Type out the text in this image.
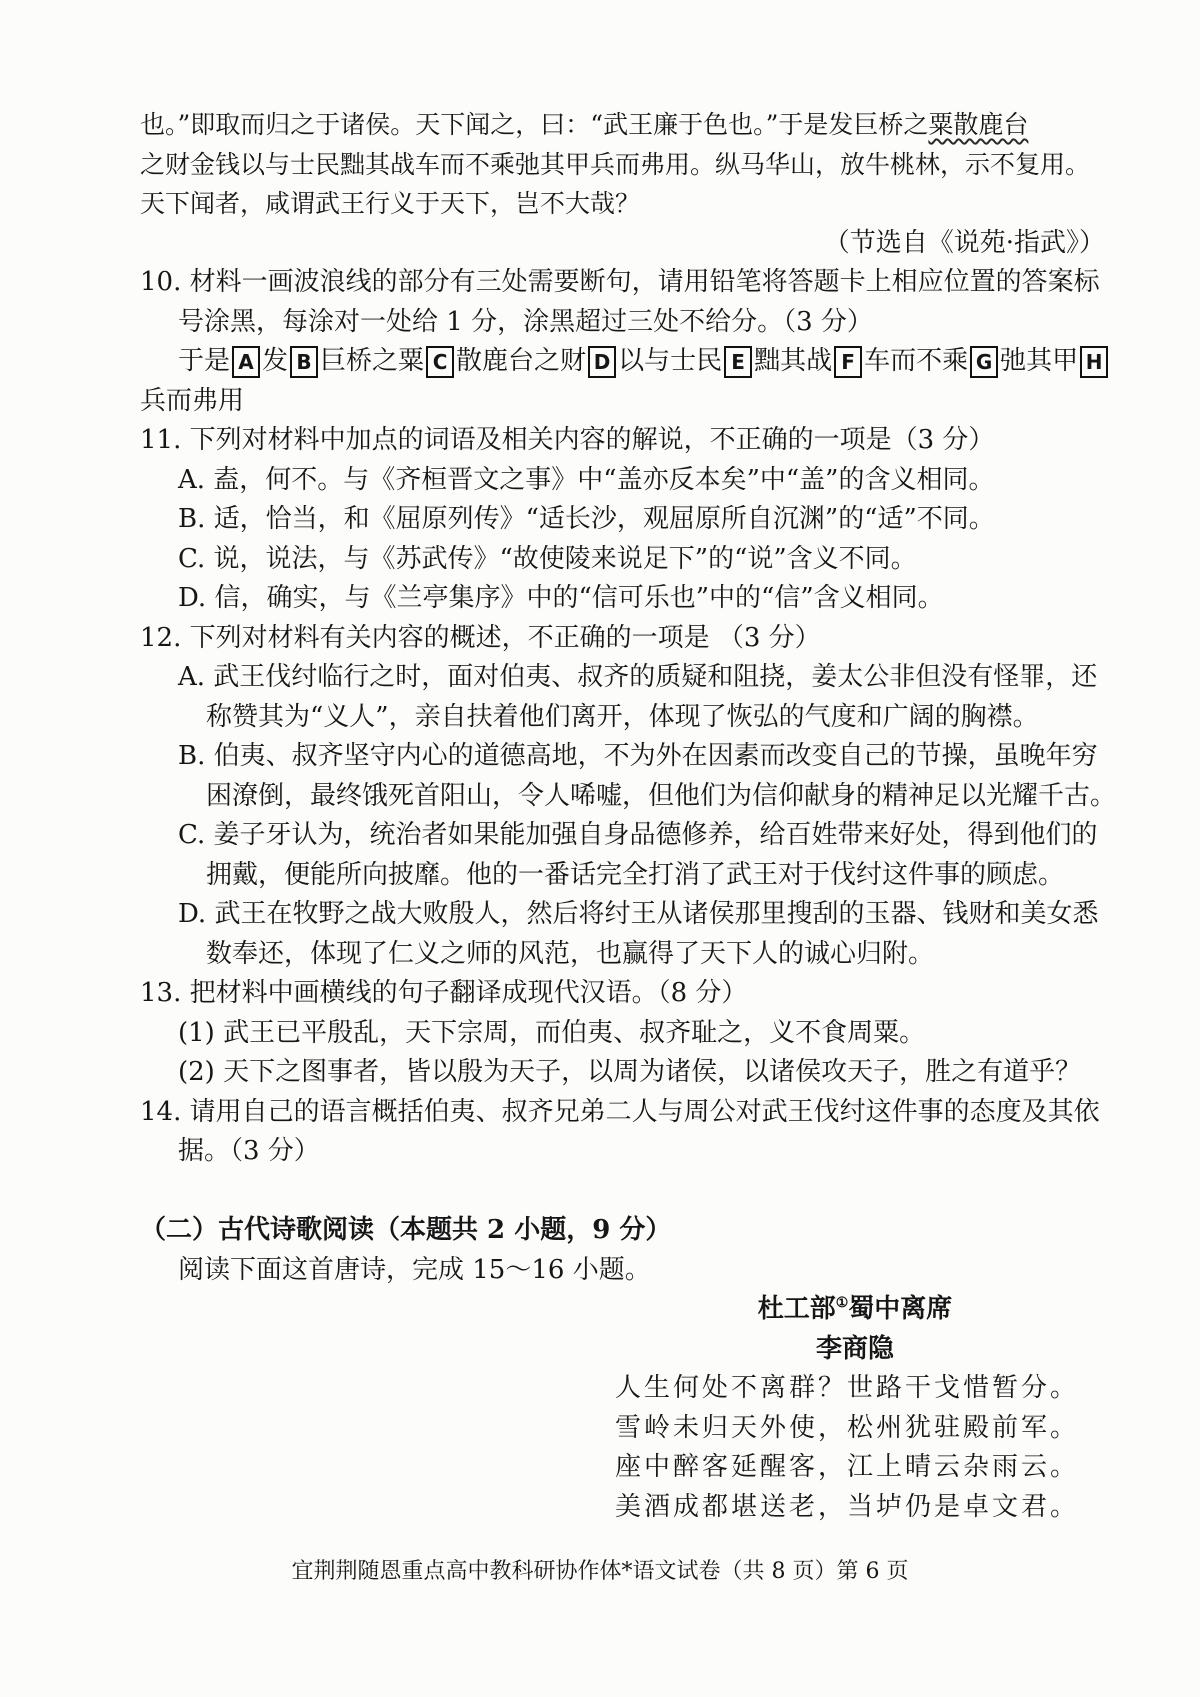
也。”即取而归之于诸侯。天下闻之，曰：“武王廉于色也。”于是发巨桥之粟散鹿台
之财金钱以与士民黜其战车而不乘弛其甲兵而弗用。纵马华山，放牛桃林，示不复用。
天下闻者，咸谓武王行义于天下，岂不大哉？
（节选自《说苑·指武》）
10. 材料一画波浪线的部分有三处需要断句，请用铅笔将答题卡上相应位置的答案标
号涂黑，每涂对一处给 1 分，涂黑超过三处不给分。（3 分）
于是 A 发 B 巨桥之粟 C 散鹿台之财 D 以与士民 E 黜其战 F 车而不乘 G 弛其甲 H
兵而弗用
11. 下列对材料中加点的词语及相关内容的解说，不正确的一项是（3 分）
A. 盍，何不。与《齐桓晋文之事》中“盖亦反本矣”中“盖”的含义相同。
B. 适，恰当，和《屈原列传》“适长沙，观屈原所自沉渊”的“适”不同。
C. 说，说法，与《苏武传》“故使陵来说足下”的“说”含义不同。
D. 信，确实，与《兰亭集序》中的“信可乐也”中的“信”含义相同。
12. 下列对材料有关内容的概述，不正确的一项是 （3 分）
A. 武王伐纣临行之时，面对伯夷、叔齐的质疑和阻挠，姜太公非但没有怪罪，还
称赞其为“义人”，亲自扶着他们离开，体现了恢弘的气度和广阔的胸襟。
B. 伯夷、叔齐坚守内心的道德高地，不为外在因素而改变自己的节操，虽晚年穷
困潦倒，最终饿死首阳山，令人唏嘘，但他们为信仰献身的精神足以光耀千古。
C. 姜子牙认为，统治者如果能加强自身品德修养，给百姓带来好处，得到他们的
拥戴，便能所向披靡。他的一番话完全打消了武王对于伐纣这件事的顾虑。
D. 武王在牧野之战大败殷人，然后将纣王从诸侯那里搜刮的玉器、钱财和美女悉
数奉还，体现了仁义之师的风范，也赢得了天下人的诚心归附。
13. 把材料中画横线的句子翻译成现代汉语。（8 分）
(1) 武王已平殷乱，天下宗周，而伯夷、叔齐耻之，义不食周粟。
(2) 天下之图事者，皆以殷为天子，以周为诸侯，以诸侯攻天子，胜之有道乎？
14. 请用自己的语言概括伯夷、叔齐兄弟二人与周公对武王伐纣这件事的态度及其依
据。（3 分）
（二）古代诗歌阅读（本题共 2 小题，9 分）
阅读下面这首唐诗，完成 15～16 小题。
杜工部①蜀中离席
李商隐
人生何处不离群？世路干戈惜暂分。
雪岭未归天外使，松州犹驻殿前军。
座中醉客延醒客，江上晴云杂雨云。
美酒成都堪送老，当垆仍是卓文君。
宜荆荆随恩重点高中教科研协作体*语文试卷（共 8 页）第 6 页
